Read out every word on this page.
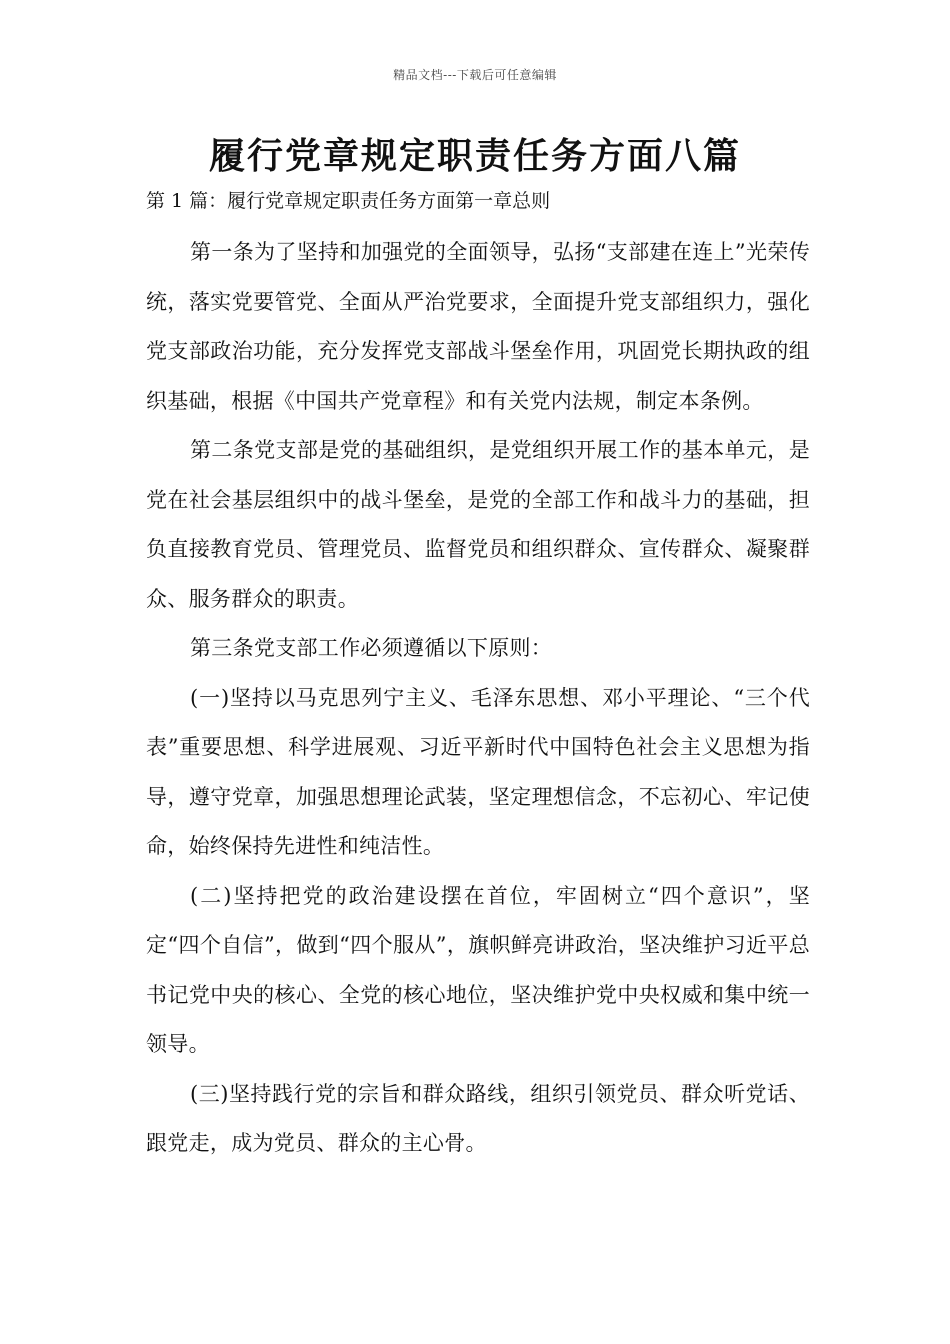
精品文档---下载后可任意编辑
履行党章规定职责任务方面八篇
第 1 篇：履行党章规定职责任务方面第一章总则

第一条为了坚持和加强党的全面领导，弘扬“支部建在连上”光荣传统，落实党要管党、全面从严治党要求，全面提升党支部组织力，强化党支部政治功能，充分发挥党支部战斗堡垒作用，巩固党长期执政的组织基础，根据《中国共产党章程》和有关党内法规，制定本条例。

第二条党支部是党的基础组织，是党组织开展工作的基本单元，是党在社会基层组织中的战斗堡垒，是党的全部工作和战斗力的基础，担负直接教育党员、管理党员、监督党员和组织群众、宣传群众、凝聚群众、服务群众的职责。

第三条党支部工作必须遵循以下原则：

(一)坚持以马克思列宁主义、毛泽东思想、邓小平理论、“三个代表”重要思想、科学进展观、习近平新时代中国特色社会主义思想为指导，遵守党章，加强思想理论武装，坚定理想信念，不忘初心、牢记使命，始终保持先进性和纯洁性。

(二)坚持把党的政治建设摆在首位，牢固树立“四个意识”，坚定“四个自信”，做到“四个服从”，旗帜鲜亮讲政治，坚决维护习近平总书记党中央的核心、全党的核心地位，坚决维护党中央权威和集中统一领导。

(三)坚持践行党的宗旨和群众路线，组织引领党员、群众听党话、跟党走，成为党员、群众的主心骨。
